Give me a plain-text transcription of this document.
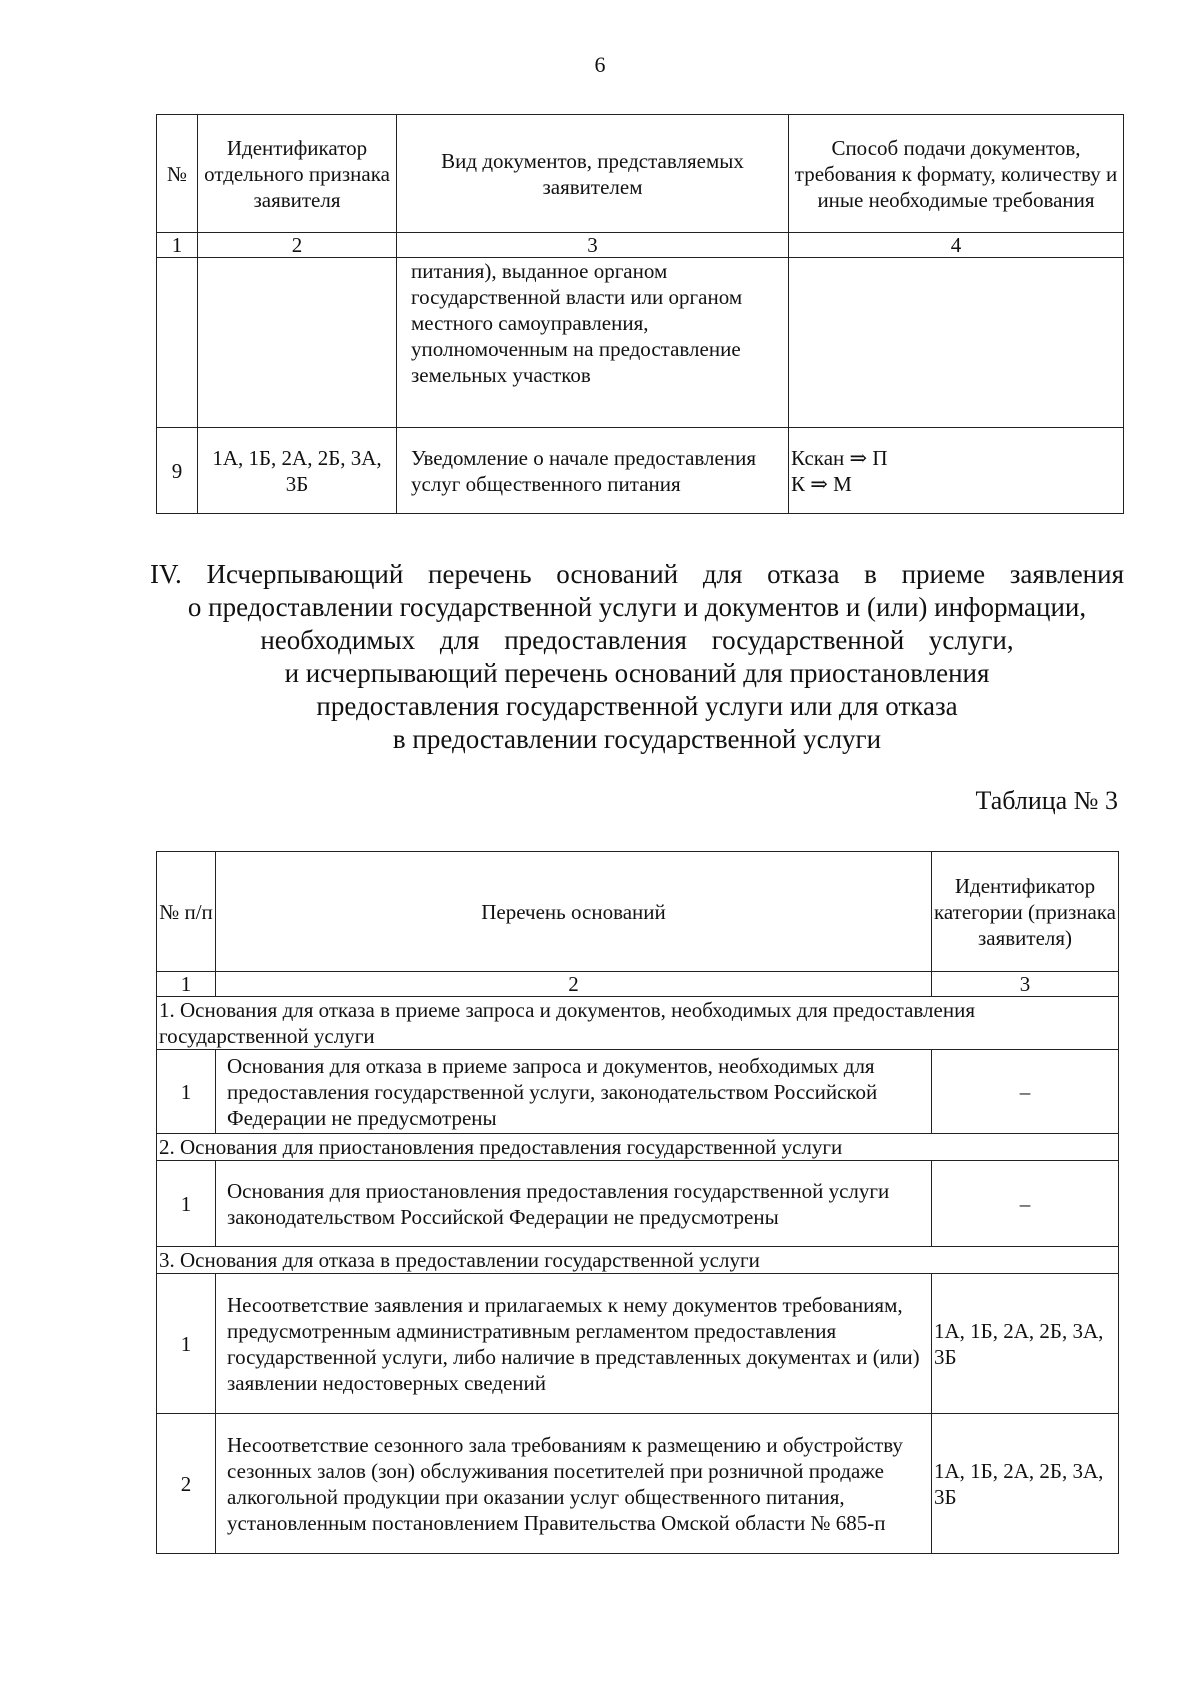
6
№	Идентификатор отдельного признака заявителя	Вид документов, представляемых заявителем	Способ подачи документов, требования к формату, количеству и иные необходимые требования
1	2	3	4
		питания), выданное органом государственной власти или органом местного самоуправления, уполномоченным на предоставление земельных участков	
9	1А, 1Б, 2А, 2Б, 3А, 3Б	Уведомление о начале предоставления услуг общественного питания	Кскан ⇒ П
К ⇒ М
IV. Исчерпывающий перечень оснований для отказа в приеме заявления
о предоставлении государственной услуги и документов и (или) информации,
необходимых для предоставления государственной услуги,
и исчерпывающий перечень оснований для приостановления
предоставления государственной услуги или для отказа
в предоставлении государственной услуги
Таблица № 3
№ п/п	Перечень оснований	Идентификатор категории (признака заявителя)
1	2	3
1. Основания для отказа в приеме запроса и документов, необходимых для предоставления государственной услуги		
1	Основания для отказа в приеме запроса и документов, необходимых для предоставления государственной услуги, законодательством Российской Федерации не предусмотрены	–
2. Основания для приостановления предоставления государственной услуги		
1	Основания для приостановления предоставления государственной услуги законодательством Российской Федерации не предусмотрены	–
3. Основания для отказа в предоставлении государственной услуги		
1	Несоответствие заявления и прилагаемых к нему документов требованиям, предусмотренным административным регламентом предоставления государственной услуги, либо наличие в представленных документах и (или) заявлении недостоверных сведений	1А, 1Б, 2А, 2Б, 3А, 3Б
2	Несоответствие сезонного зала требованиям к размещению и обустройству сезонных залов (зон) обслуживания посетителей при розничной продаже алкогольной продукции при оказании услуг общественного питания, установленным постановлением Правительства Омской области № 685-п	1А, 1Б, 2А, 2Б, 3А, 3Б
